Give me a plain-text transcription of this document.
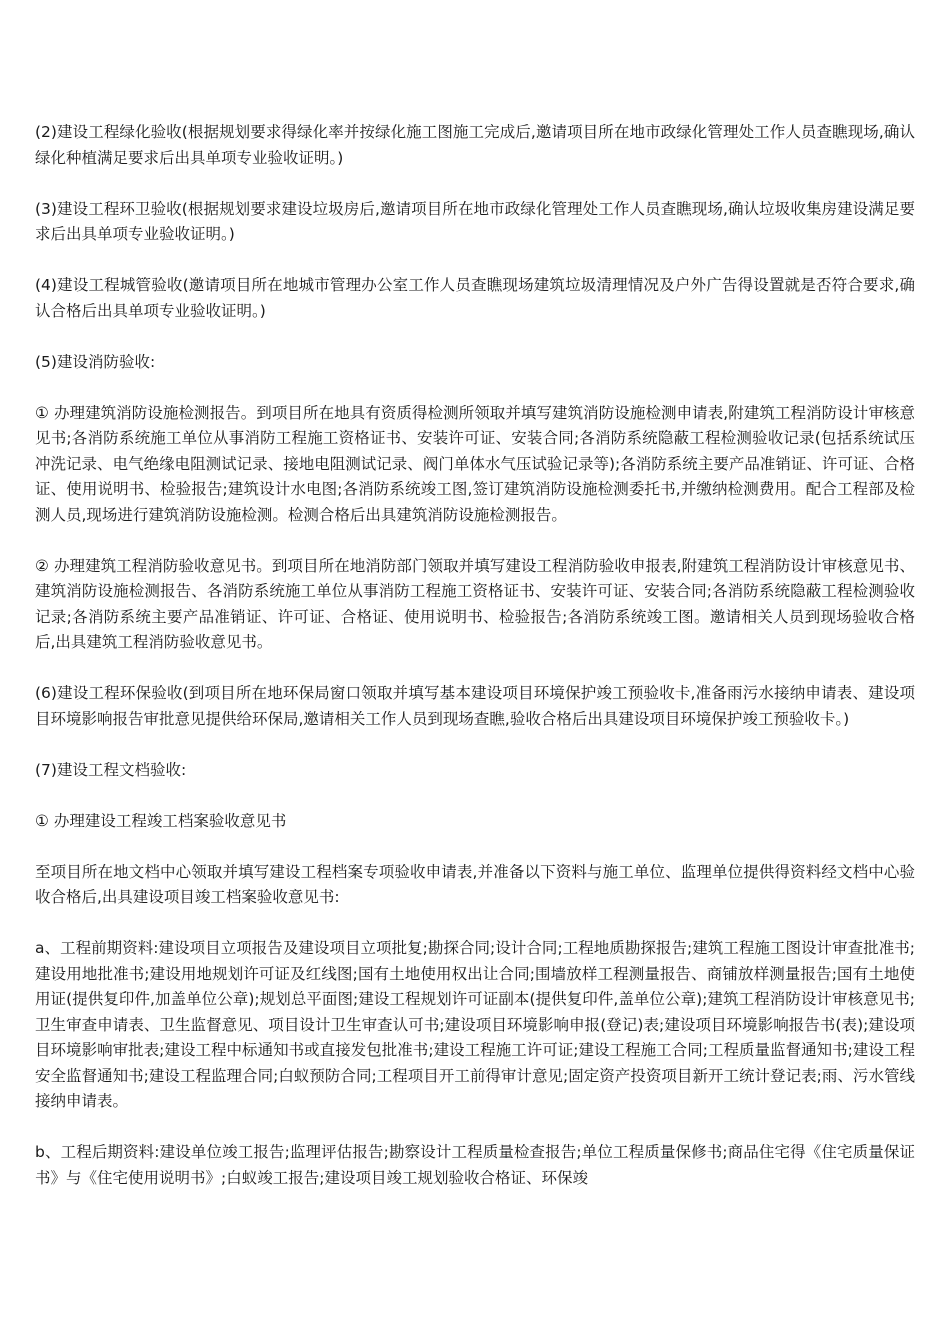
(2)建设工程绿化验收(根据规划要求得绿化率并按绿化施工图施工完成后,邀请项目所在地市政绿化管理处工作人员查瞧现场,确认绿化种植满足要求后出具单项专业验收证明。)

(3)建设工程环卫验收(根据规划要求建设垃圾房后,邀请项目所在地市政绿化管理处工作人员查瞧现场,确认垃圾收集房建设满足要求后出具单项专业验收证明。)

(4)建设工程城管验收(邀请项目所在地城市管理办公室工作人员查瞧现场建筑垃圾清理情况及户外广告得设置就是否符合要求,确认合格后出具单项专业验收证明。)

(5)建设消防验收:

① 办理建筑消防设施检测报告。到项目所在地具有资质得检测所领取并填写建筑消防设施检测申请表,附建筑工程消防设计审核意见书;各消防系统施工单位从事消防工程施工资格证书、安装许可证、安装合同;各消防系统隐蔽工程检测验收记录(包括系统试压冲洗记录、电气绝缘电阻测试记录、接地电阻测试记录、阀门单体水气压试验记录等);各消防系统主要产品准销证、许可证、合格证、使用说明书、检验报告;建筑设计水电图;各消防系统竣工图,签订建筑消防设施检测委托书,并缴纳检测费用。配合工程部及检测人员,现场进行建筑消防设施检测。检测合格后出具建筑消防设施检测报告。

② 办理建筑工程消防验收意见书。到项目所在地消防部门领取并填写建设工程消防验收申报表,附建筑工程消防设计审核意见书、建筑消防设施检测报告、各消防系统施工单位从事消防工程施工资格证书、安装许可证、安装合同;各消防系统隐蔽工程检测验收记录;各消防系统主要产品准销证、许可证、合格证、使用说明书、检验报告;各消防系统竣工图。邀请相关人员到现场验收合格后,出具建筑工程消防验收意见书。

(6)建设工程环保验收(到项目所在地环保局窗口领取并填写基本建设项目环境保护竣工预验收卡,准备雨污水接纳申请表、建设项目环境影响报告审批意见提供给环保局,邀请相关工作人员到现场查瞧,验收合格后出具建设项目环境保护竣工预验收卡。)

(7)建设工程文档验收:

① 办理建设工程竣工档案验收意见书

至项目所在地文档中心领取并填写建设工程档案专项验收申请表,并准备以下资料与施工单位、监理单位提供得资料经文档中心验收合格后,出具建设项目竣工档案验收意见书:

a、工程前期资料:建设项目立项报告及建设项目立项批复;勘探合同;设计合同;工程地质勘探报告;建筑工程施工图设计审查批准书;建设用地批准书;建设用地规划许可证及红线图;国有土地使用权出让合同;围墙放样工程测量报告、商铺放样测量报告;国有土地使用证(提供复印件,加盖单位公章);规划总平面图;建设工程规划许可证副本(提供复印件,盖单位公章);建筑工程消防设计审核意见书;卫生审查申请表、卫生监督意见、项目设计卫生审查认可书;建设项目环境影响申报(登记)表;建设项目环境影响报告书(表);建设项目环境影响审批表;建设工程中标通知书或直接发包批准书;建设工程施工许可证;建设工程施工合同;工程质量监督通知书;建设工程安全监督通知书;建设工程监理合同;白蚁预防合同;工程项目开工前得审计意见;固定资产投资项目新开工统计登记表;雨、污水管线接纳申请表。

b、工程后期资料:建设单位竣工报告;监理评估报告;勘察设计工程质量检查报告;单位工程质量保修书;商品住宅得《住宅质量保证书》与《住宅使用说明书》;白蚁竣工报告;建设项目竣工规划验收合格证、环保竣
